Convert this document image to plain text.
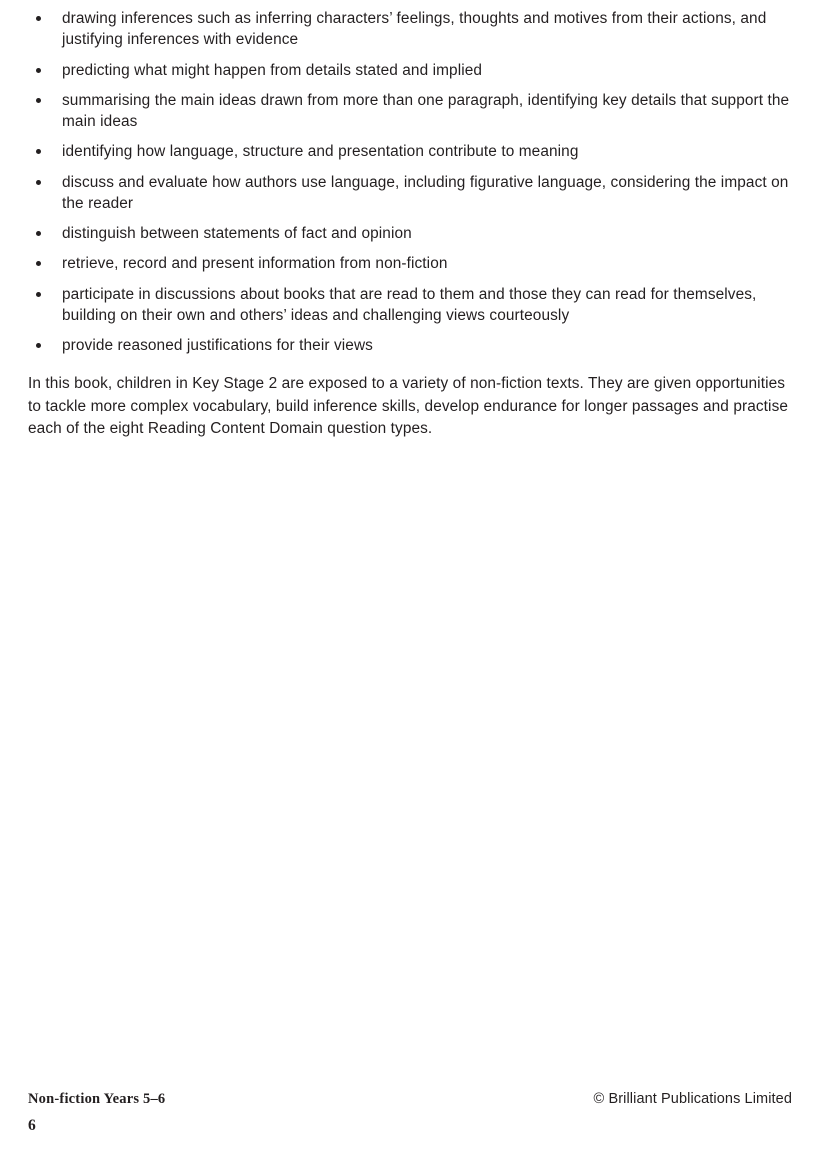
drawing inferences such as inferring characters’ feelings, thoughts and motives from their actions, and justifying inferences with evidence
predicting what might happen from details stated and implied
summarising the main ideas drawn from more than one paragraph, identifying key details that support the main ideas
identifying how language, structure and presentation contribute to meaning
discuss and evaluate how authors use language, including figurative language, considering the impact on the reader
distinguish between statements of fact and opinion
retrieve, record and present information from non-fiction
participate in discussions about books that are read to them and those they can read for themselves, building on their own and others’ ideas and challenging views courteously
provide reasoned justifications for their views

In this book, children in Key Stage 2 are exposed to a variety of non-fiction texts. They are given opportunities to tackle more complex vocabulary, build inference skills, develop endurance for longer passages and practise each of the eight Reading Content Domain question types.

Non-fiction Years 5–6	© Brilliant Publications Limited
6
